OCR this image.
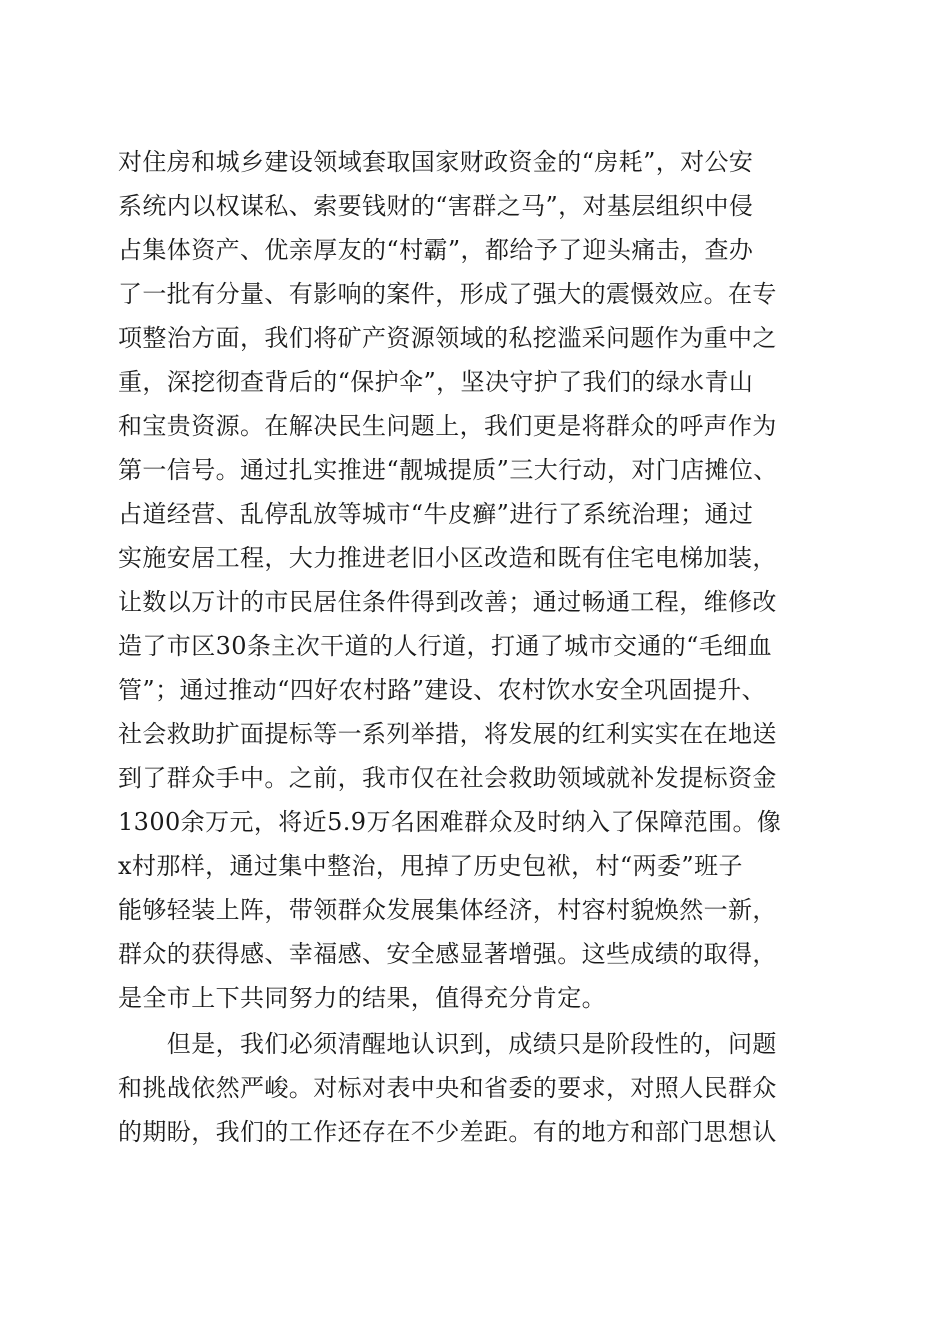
对住房和城乡建设领域套取国家财政资金的“房耗”，对公安
系统内以权谋私、索要钱财的“害群之马”，对基层组织中侵
占集体资产、优亲厚友的“村霸”，都给予了迎头痛击，查办
了一批有分量、有影响的案件，形成了强大的震慑效应。在专
项整治方面，我们将矿产资源领域的私挖滥采问题作为重中之
重，深挖彻查背后的“保护伞”，坚决守护了我们的绿水青山
和宝贵资源。在解决民生问题上，我们更是将群众的呼声作为
第一信号。通过扎实推进“靓城提质”三大行动，对门店摊位、
占道经营、乱停乱放等城市“牛皮癣”进行了系统治理；通过
实施安居工程，大力推进老旧小区改造和既有住宅电梯加装，
让数以万计的市民居住条件得到改善；通过畅通工程，维修改
造了市区30条主次干道的人行道，打通了城市交通的“毛细血
管”；通过推动“四好农村路”建设、农村饮水安全巩固提升、
社会救助扩面提标等一系列举措，将发展的红利实实在在地送
到了群众手中。之前，我市仅在社会救助领域就补发提标资金
1300余万元，将近5.9万名困难群众及时纳入了保障范围。像
x村那样，通过集中整治，甩掉了历史包袱，村“两委”班子
能够轻装上阵，带领群众发展集体经济，村容村貌焕然一新，
群众的获得感、幸福感、安全感显著增强。这些成绩的取得，
是全市上下共同努力的结果，值得充分肯定。
　　但是，我们必须清醒地认识到，成绩只是阶段性的，问题
和挑战依然严峻。对标对表中央和省委的要求，对照人民群众
的期盼，我们的工作还存在不少差距。有的地方和部门思想认
